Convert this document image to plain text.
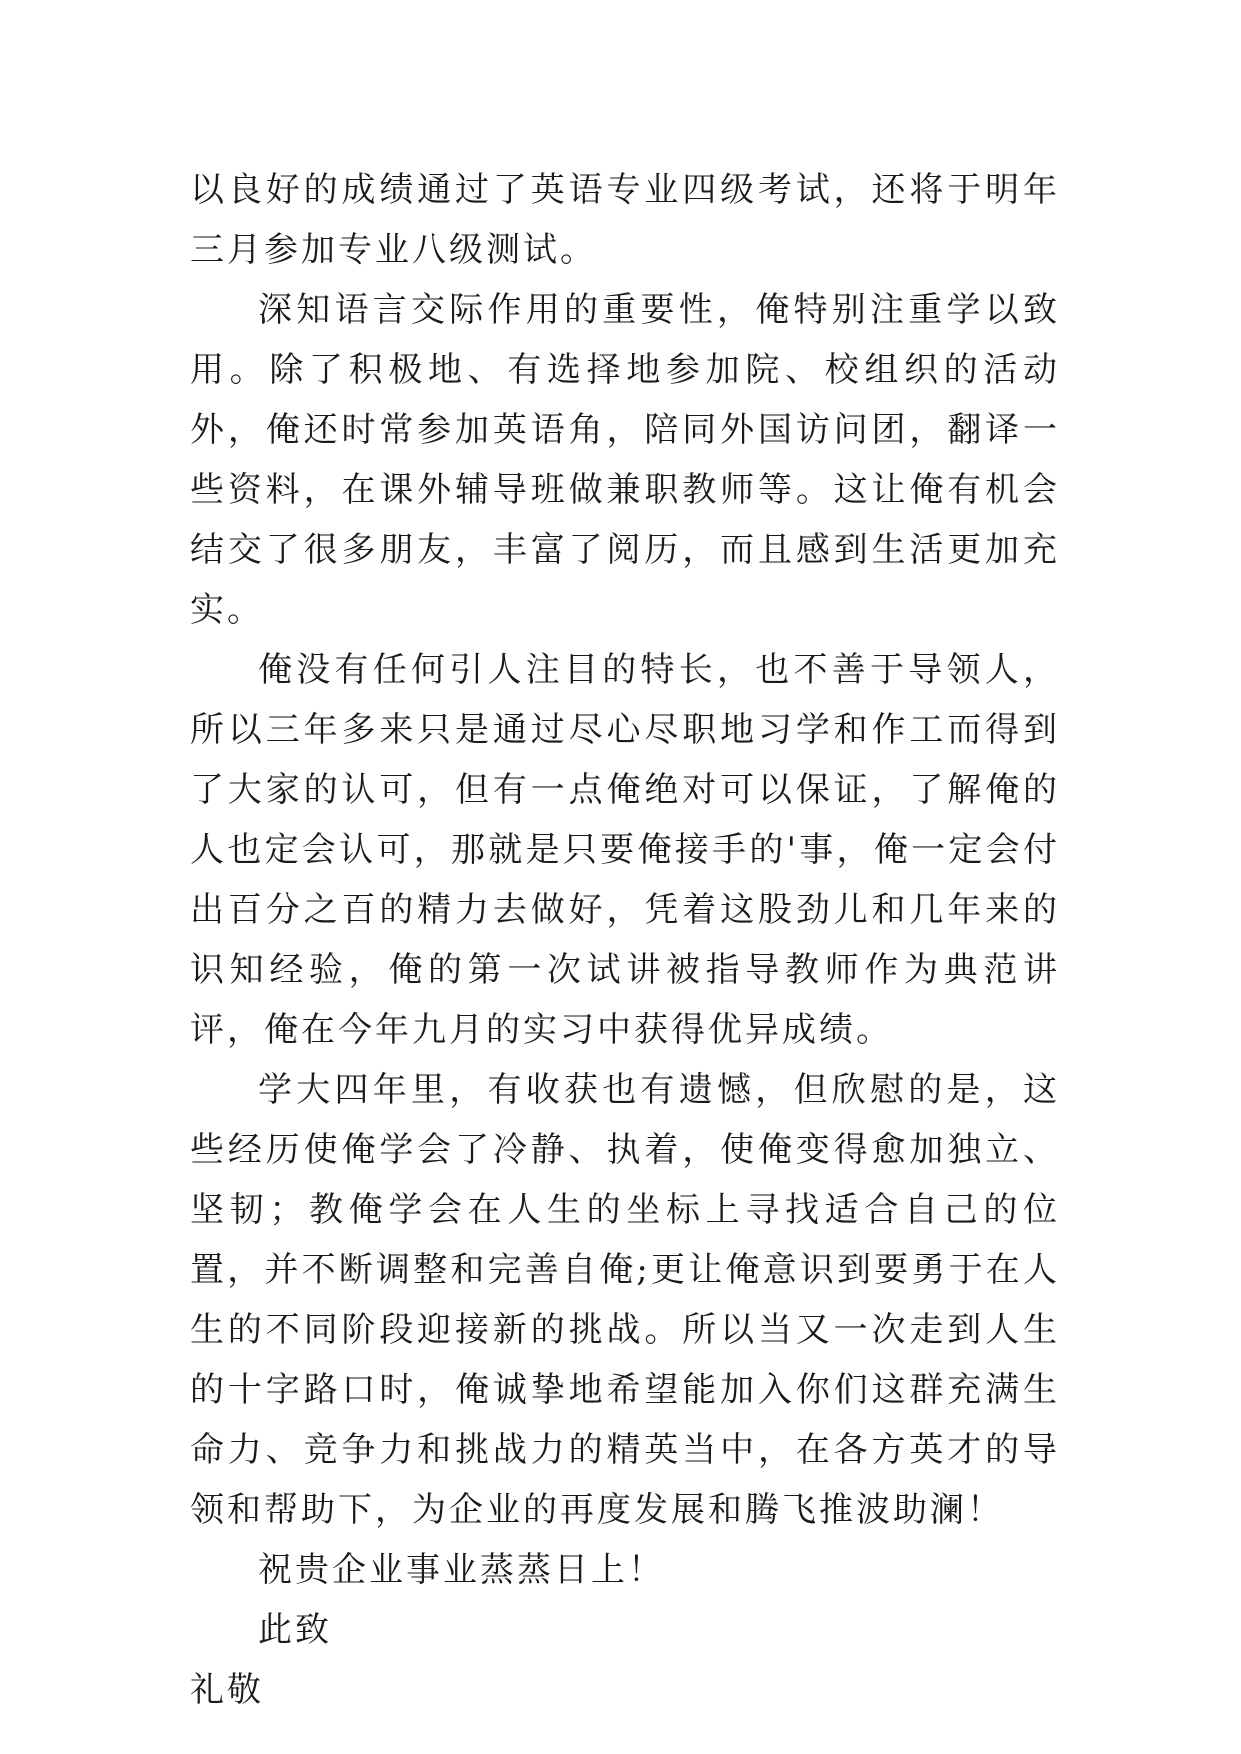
以良好的成绩通过了英语专业四级考试，还将于明年三月参加专业八级测试。

深知语言交际作用的重要性，俺特别注重学以致用。除了积极地、有选择地参加院、校组织的活动外，俺还时常参加英语角，陪同外国访问团，翻译一些资料，在课外辅导班做兼职教师等。这让俺有机会结交了很多朋友，丰富了阅历，而且感到生活更加充实。

俺没有任何引人注目的特长，也不善于导领人，所以三年多来只是通过尽心尽职地习学和作工而得到了大家的认可，但有一点俺绝对可以保证，了解俺的人也定会认可，那就是只要俺接手的'事，俺一定会付出百分之百的精力去做好，凭着这股劲儿和几年来的识知经验，俺的第一次试讲被指导教师作为典范讲评，俺在今年九月的实习中获得优异成绩。

学大四年里，有收获也有遗憾，但欣慰的是，这些经历使俺学会了冷静、执着，使俺变得愈加独立、坚韧；教俺学会在人生的坐标上寻找适合自己的位置，并不断调整和完善自俺;更让俺意识到要勇于在人生的不同阶段迎接新的挑战。所以当又一次走到人生的十字路口时，俺诚挚地希望能加入你们这群充满生命力、竞争力和挑战力的精英当中，在各方英才的导领和帮助下，为企业的再度发展和腾飞推波助澜！

祝贵企业事业蒸蒸日上！

此致

礼敬
